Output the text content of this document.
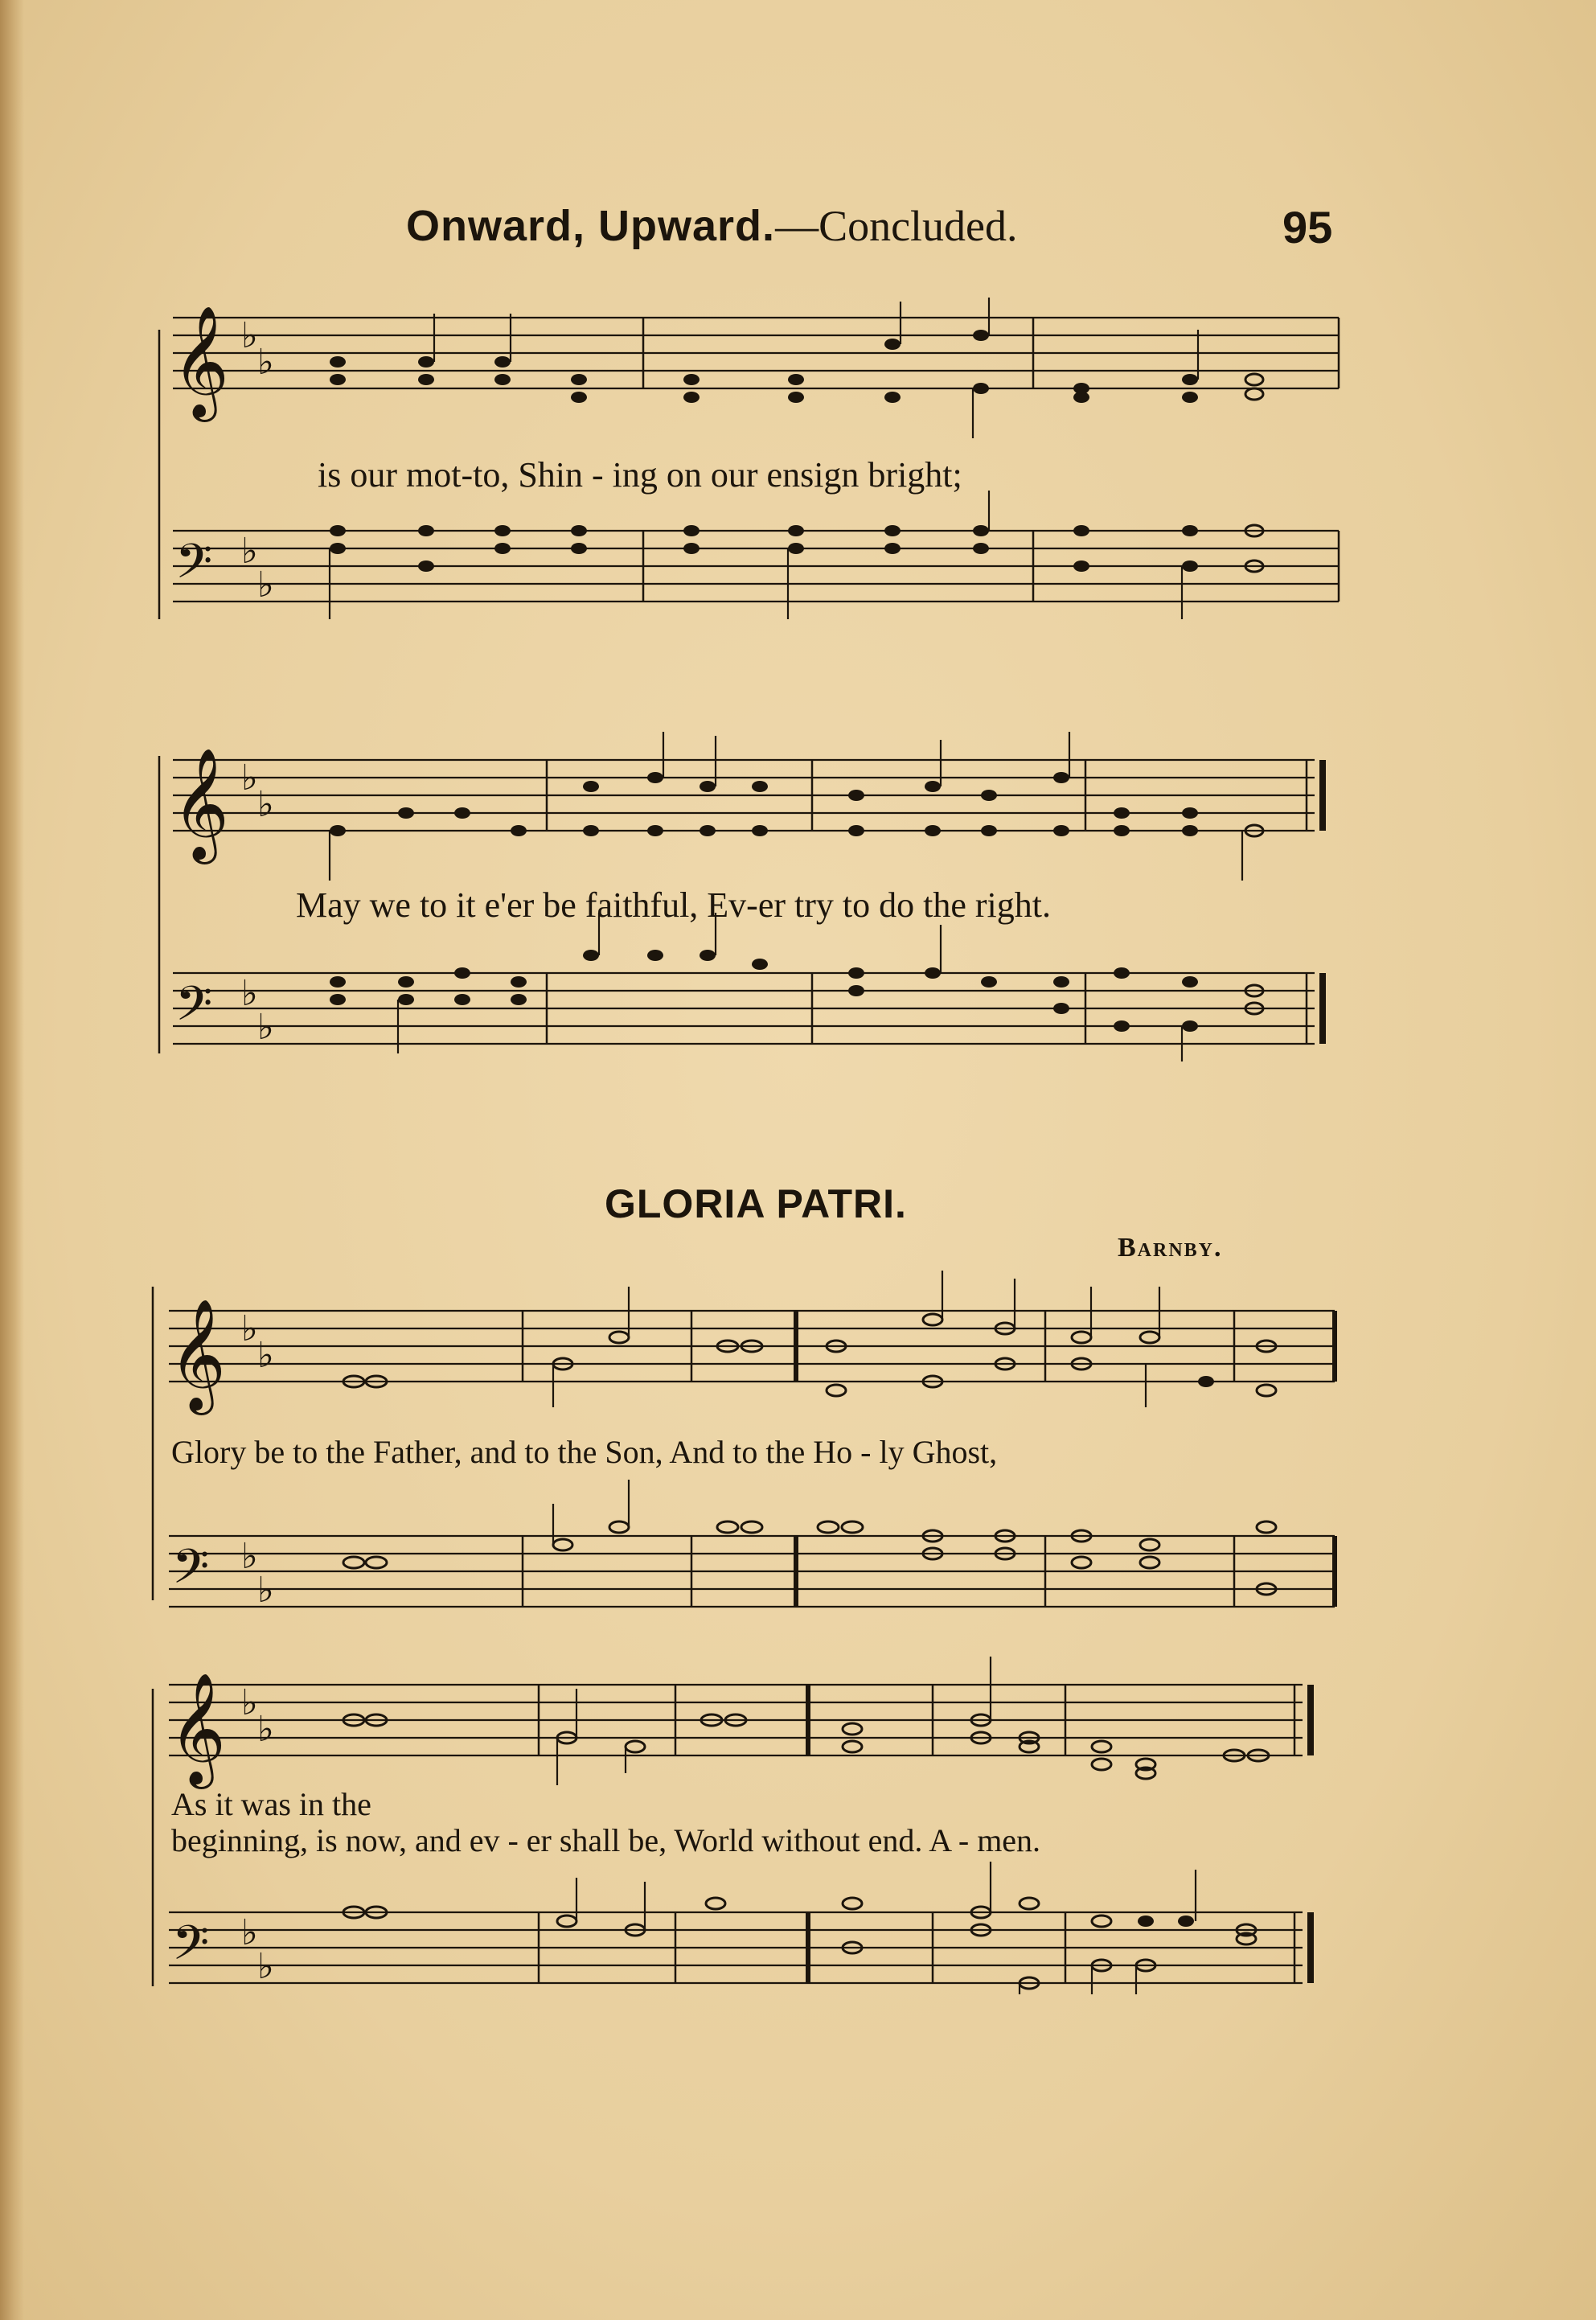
Onward, Upward.—Concluded.	95
𝄞 ♭
♭
𝄢 ♭
♭
is our mot-to, Shin - ing on our ensign bright;
𝄞 ♭
♭
𝄢 ♭
♭
May we to it e'er be faithful, Ev-er try to do the right.
GLORIA PATRI.
Barnby.
𝄞 ♭
♭
𝄢 ♭
♭
Glory be to the Father, and to the Son, And to the Ho - ly Ghost,
𝄞 ♭
♭
𝄢 ♭
♭
As it was in the
beginning, is now, and ev - er shall be, World without end. A - men.
